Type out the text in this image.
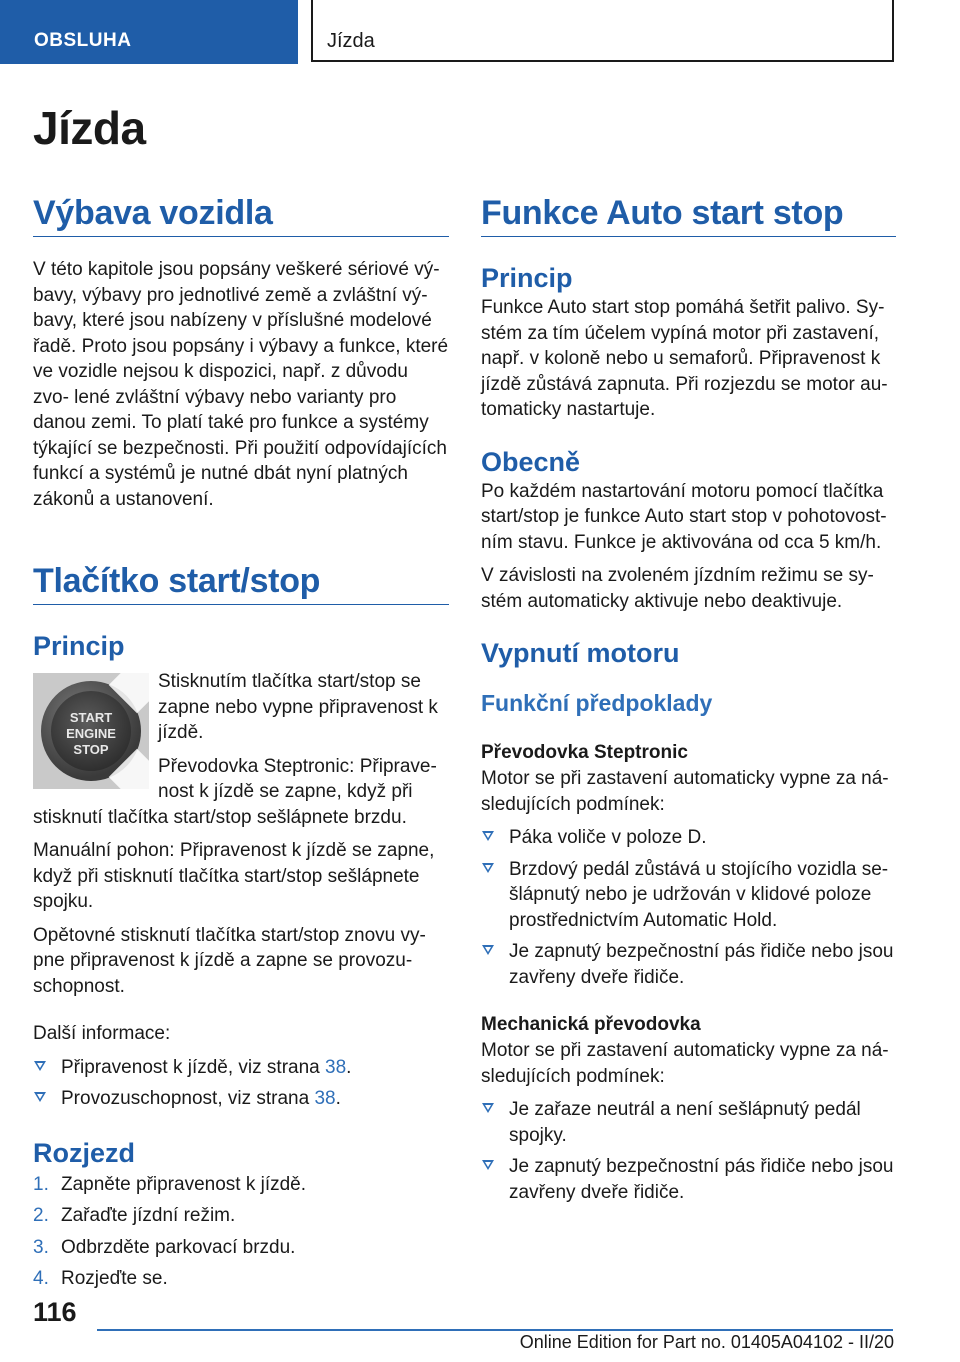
OBSLUHA	Jízda
Jízda
Výbava vozidla

V této kapitole jsou popsány veškeré sériové vý- bavy, výbavy pro jednotlivé země a zvláštní vý- bavy, které jsou nabízeny v příslušné modelové řadě. Proto jsou popsány i výbavy a funkce, které ve vozidle nejsou k dispozici, např. z důvodu zvo- lené zvláštní výbavy nebo varianty pro danou zemi. To platí také pro funkce a systémy týkající se bezpečnosti. Při použití odpovídajících funkcí a systémů je nutné dbát nyní platných zákonů a ustanovení.

Tlačítko start/stop
Princip
START
ENGINE
STOP

Stisknutím tlačítka start/stop se zapne nebo vypne připravenost k jízdě.

Převodovka Steptronic: Připrave- nost k jízdě se zapne, když při stisknutí tlačítka start/stop sešlápnete brzdu.

Manuální pohon: Připravenost k jízdě se zapne, když při stisknutí tlačítka start/stop sešlápnete spojku.

Opětovné stisknutí tlačítka start/stop znovu vy- pne připravenost k jízdě a zapne se provozu- schopnost.

Další informace:

Připravenost k jízdě, viz strana 38.
Provozuschopnost, viz strana 38.
Rozjezd
1. Zapněte připravenost k jízdě.
2. Zařaďte jízdní režim.
3. Odbrzděte parkovací brzdu.
4. Rozjeďte se.
Funkce Auto start stop
Princip

Funkce Auto start stop pomáhá šetřit palivo. Sy- stém za tím účelem vypíná motor při zastavení, např. v koloně nebo u semaforů. Připravenost k jízdě zůstává zapnuta. Při rozjezdu se motor au- tomaticky nastartuje.

Obecně

Po každém nastartování motoru pomocí tlačítka start/stop je funkce Auto start stop v pohotovost- ním stavu. Funkce je aktivována od cca 5 km/h.

V závislosti na zvoleném jízdním režimu se sy- stém automaticky aktivuje nebo deaktivuje.

Vypnutí motoru
Funkční předpoklady
Převodovka Steptronic

Motor se při zastavení automaticky vypne za ná- sledujících podmínek:

Páka voliče v poloze D.
Brzdový pedál zůstává u stojícího vozidla se- šlápnutý nebo je udržován v klidové poloze prostřednictvím Automatic Hold.
Je zapnutý bezpečnostní pás řidiče nebo jsou zavřeny dveře řidiče.
Mechanická převodovka

Motor se při zastavení automaticky vypne za ná- sledujících podmínek:

Je zařaze neutrál a není sešlápnutý pedál spojky.
Je zapnutý bezpečnostní pás řidiče nebo jsou zavřeny dveře řidiče.
116
Online Edition for Part no. 01405A04102 - II/20
